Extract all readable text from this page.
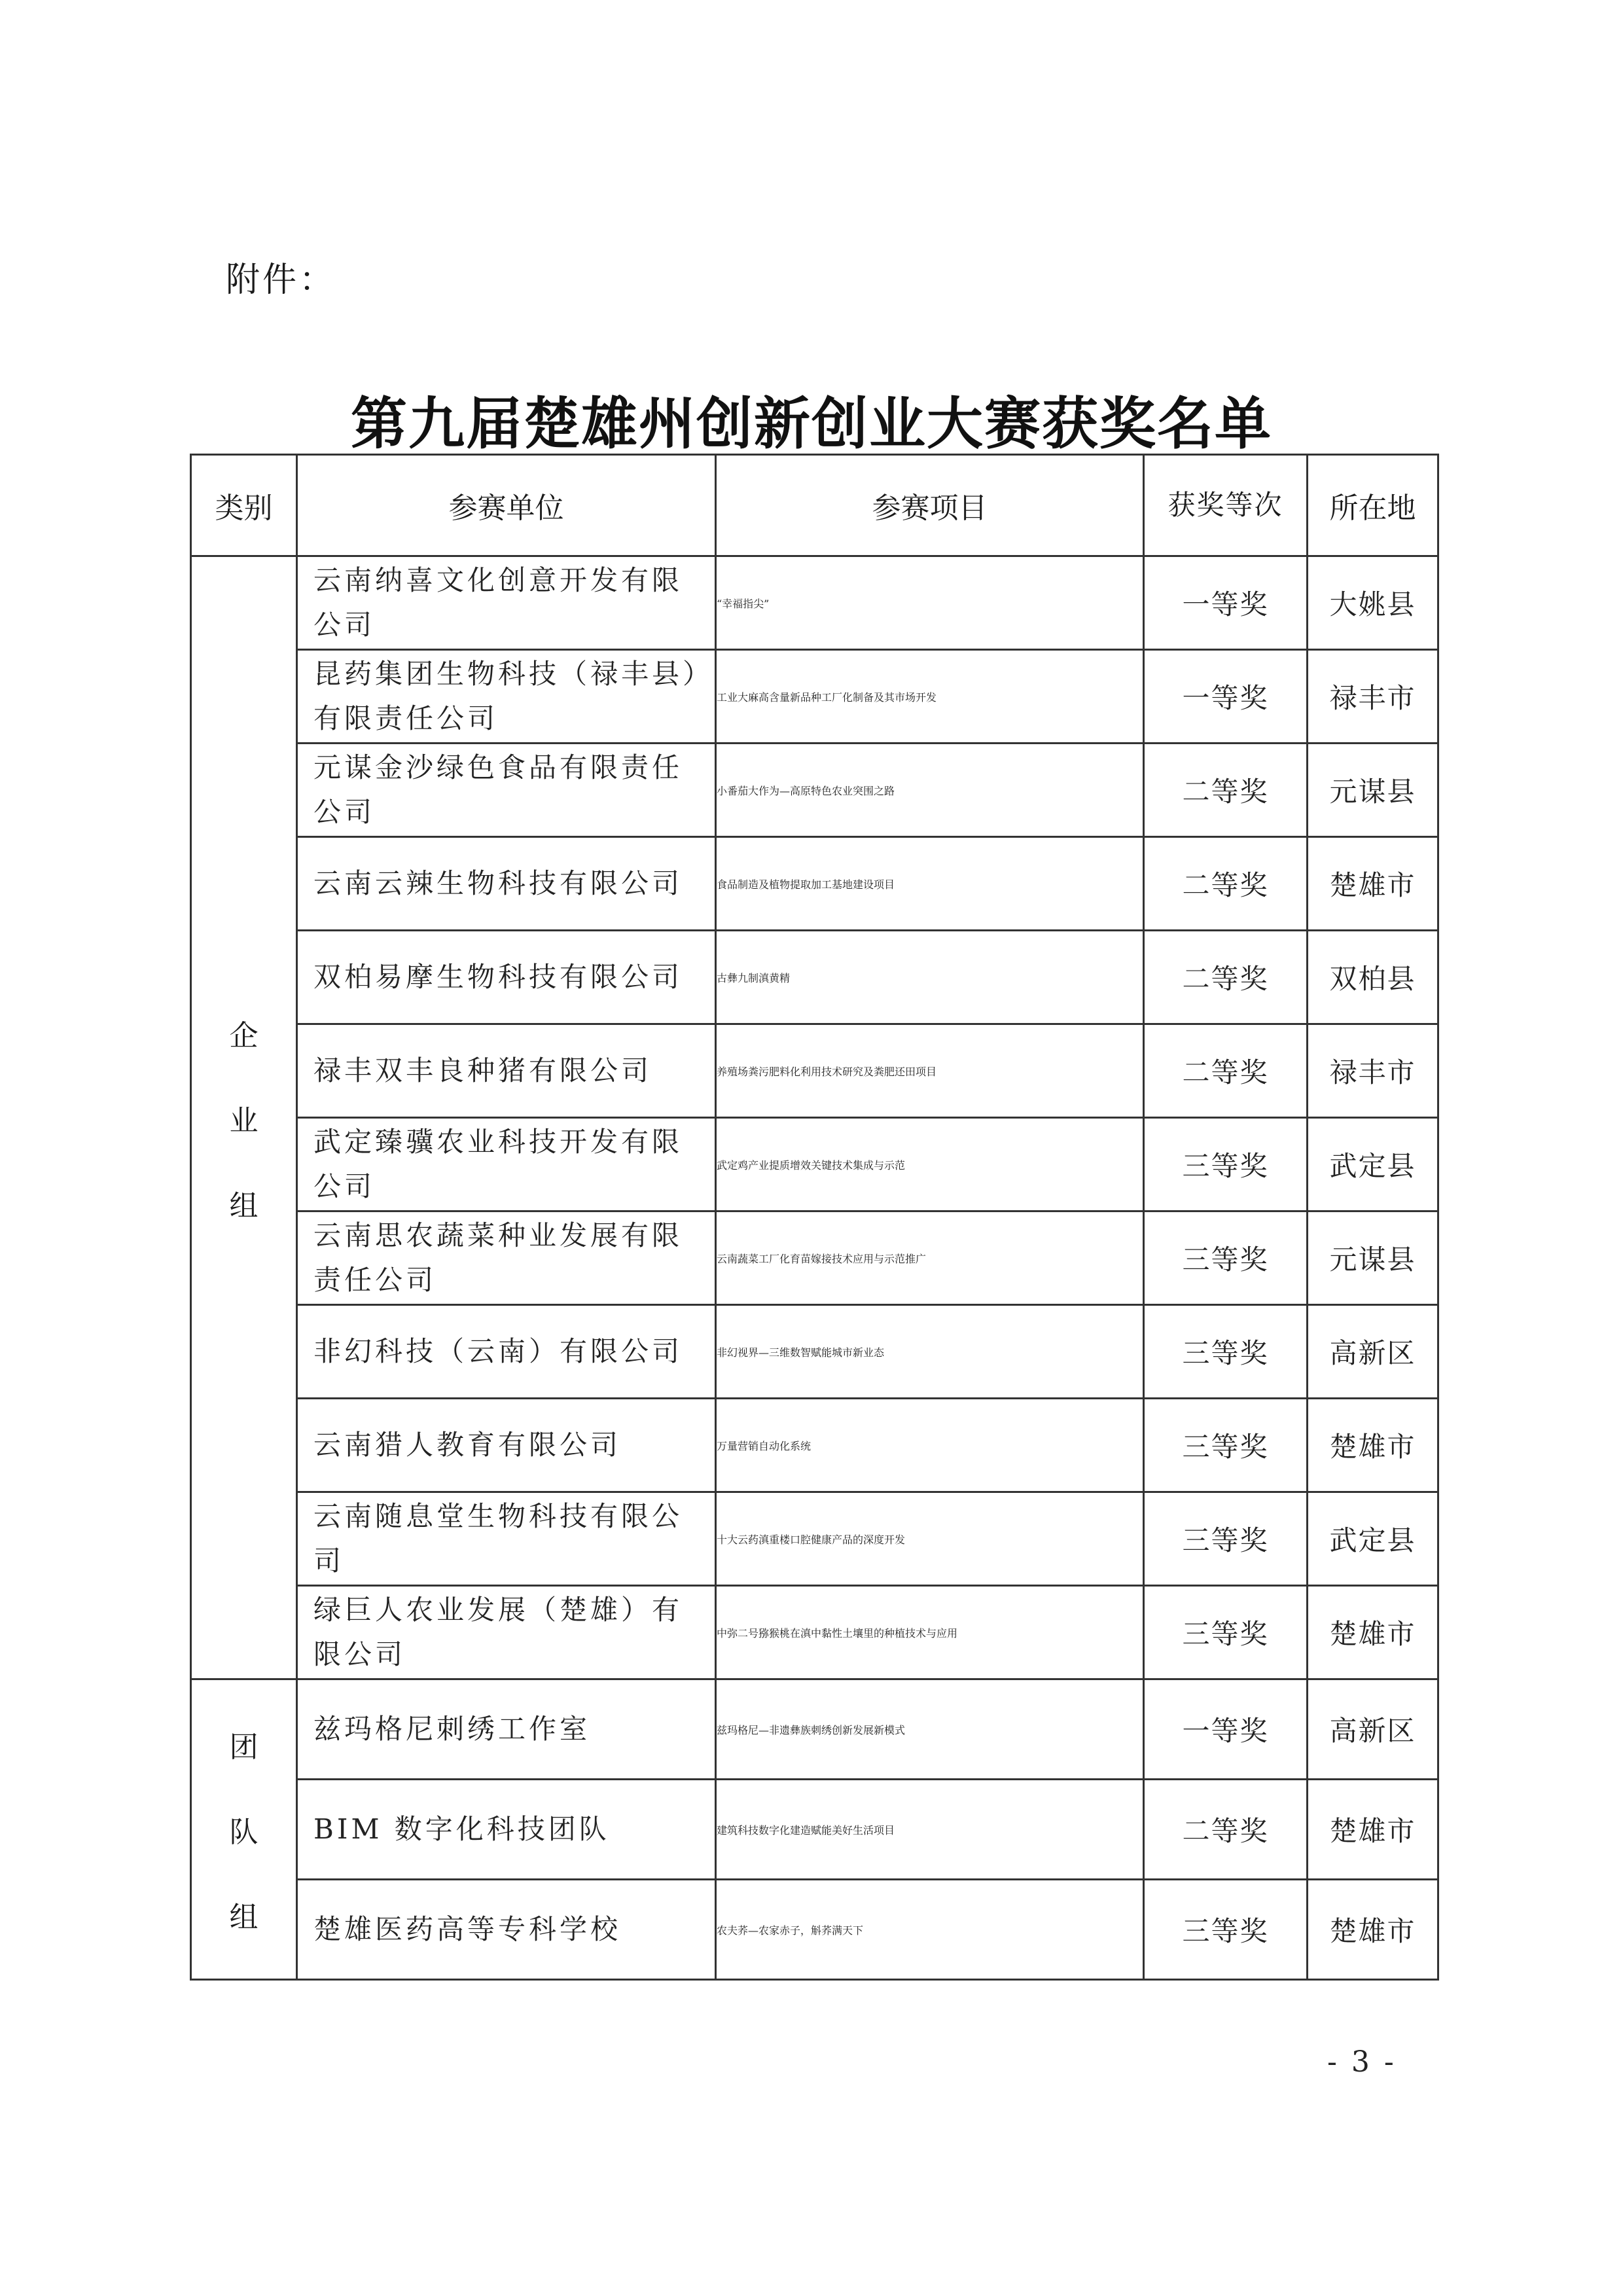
附件：
第九届楚雄州创新创业大赛获奖名单
类别	参赛单位	参赛项目	获奖等次	所在地

企
业
组	云南纳喜文化创意开发有限公司	“幸福指尖”	一等奖	大姚县
	昆药集团生物科技（禄丰县）有限责任公司	工业大麻高含量新品种工厂化制备及其市场开发	一等奖	禄丰市
	元谋金沙绿色食品有限责任公司	小番茄大作为—高原特色农业突围之路	二等奖	元谋县
	云南云辣生物科技有限公司	食品制造及植物提取加工基地建设项目	二等奖	楚雄市
	双柏易摩生物科技有限公司	古彝九制滇黄精	二等奖	双柏县
	禄丰双丰良种猪有限公司	养殖场粪污肥料化利用技术研究及粪肥还田项目	二等奖	禄丰市
	武定臻骥农业科技开发有限公司	武定鸡产业提质增效关键技术集成与示范	三等奖	武定县
	云南思农蔬菜种业发展有限责任公司	云南蔬菜工厂化育苗嫁接技术应用与示范推广	三等奖	元谋县
	非幻科技（云南）有限公司	非幻视界—三维数智赋能城市新业态	三等奖	高新区
	云南猎人教育有限公司	万量营销自动化系统	三等奖	楚雄市
	云南随息堂生物科技有限公司	十大云药滇重楼口腔健康产品的深度开发	三等奖	武定县
	绿巨人农业发展（楚雄）有限公司	中弥二号猕猴桃在滇中黏性土壤里的种植技术与应用	三等奖	楚雄市

团
队
组	兹玛格尼刺绣工作室	兹玛格尼—非遗彝族刺绣创新发展新模式	一等奖	高新区
	BIM 数字化科技团队	建筑科技数字化建造赋能美好生活项目	二等奖	楚雄市
	楚雄医药高等专科学校	农夫荞—农家赤子，斛荞满天下	三等奖	楚雄市
- 3 -
